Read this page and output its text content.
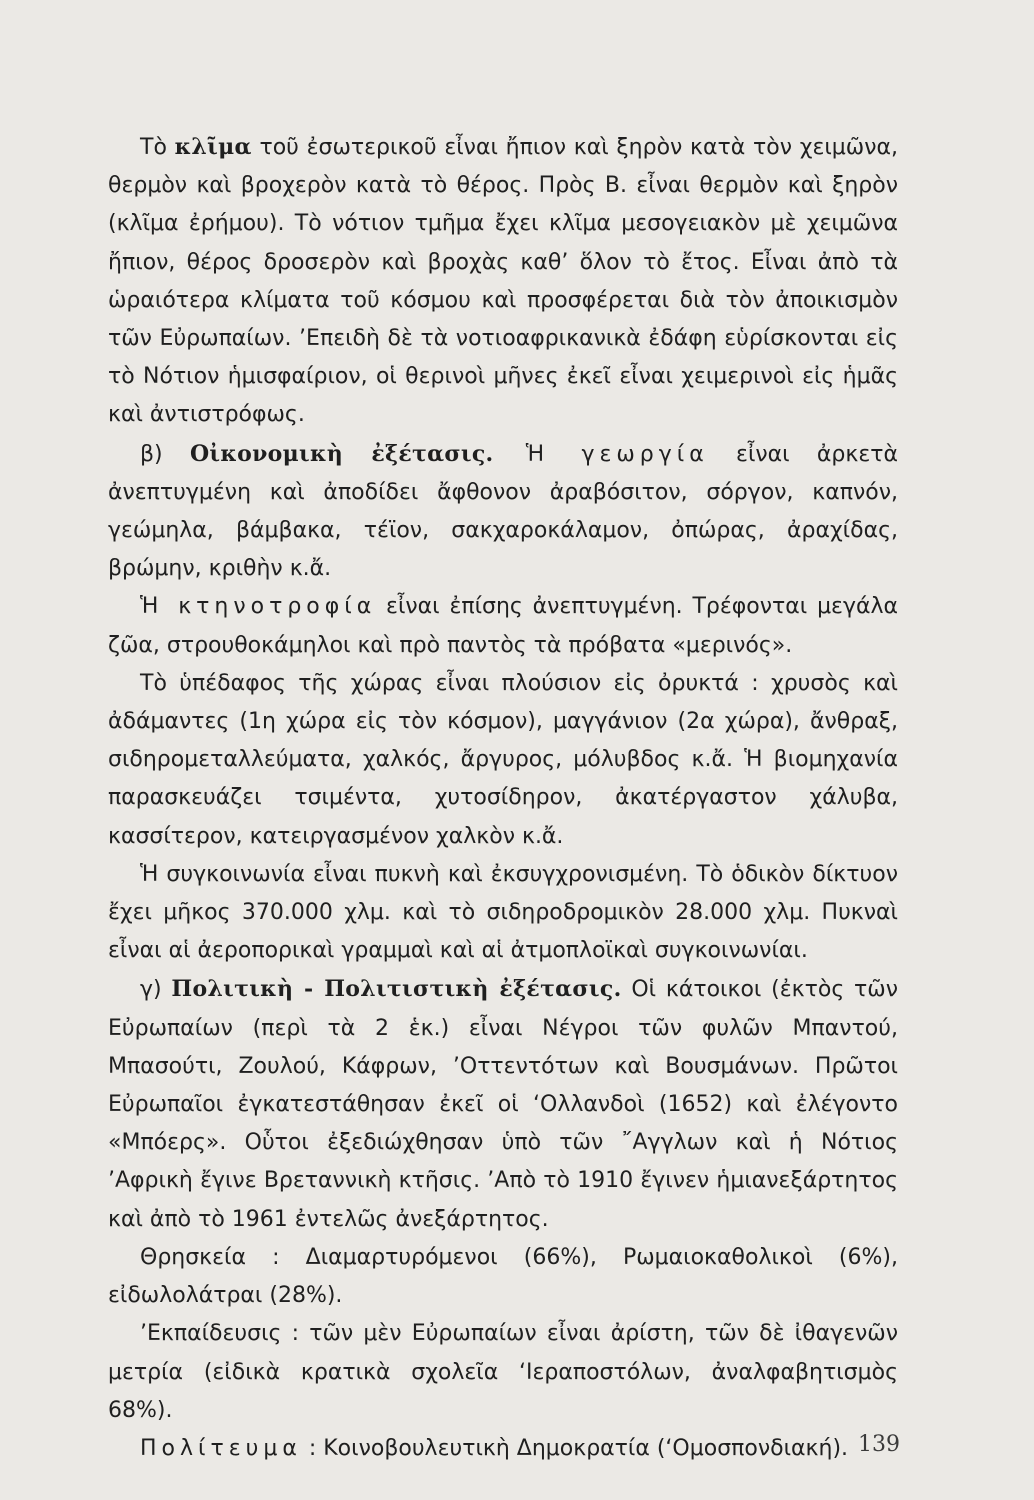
Τὸ κλῖμα τοῦ ἐσωτερικοῦ εἶναι ἤπιον καὶ ξηρὸν κατὰ τὸν χειμῶνα, θερμὸν καὶ βροχερὸν κατὰ τὸ θέρος. Πρὸς Β. εἶναι θερμὸν καὶ ξηρὸν (κλῖμα ἐρήμου). Τὸ νότιον τμῆμα ἔχει κλῖμα μεσογειακὸν μὲ χειμῶνα ἤπιον, θέρος δροσερὸν καὶ βροχὰς καθ’ ὅλον τὸ ἔτος. Εἶναι ἀπὸ τὰ ὡραιότερα κλίματα τοῦ κόσμου καὶ προσφέρεται διὰ τὸν ἀποικισμὸν τῶν Εὐρωπαίων. ’Επειδὴ δὲ τὰ νοτιοαφρικανικὰ ἐδάφη εὑρίσκονται εἰς τὸ Νότιον ἡμισφαίριον, οἱ θερινοὶ μῆνες ἐκεῖ εἶναι χειμερινοὶ εἰς ἡμᾶς καὶ ἀντιστρόφως.

β) Οἰκονομικὴ ἐξέτασις. Ἡ γεωργία εἶναι ἀρκετὰ ἀνεπτυγμένη καὶ ἀποδίδει ἄφθονον ἀραβόσιτον, σόργον, καπνόν, γεώμηλα, βάμβακα, τέϊον, σακχαροκάλαμον, ὀπώρας, ἀραχίδας, βρώμην, κριθὴν κ.ἄ.

Ἡ κτηνοτροφία εἶναι ἐπίσης ἀνεπτυγμένη. Τρέφονται μεγάλα ζῶα, στρουθοκάμηλοι καὶ πρὸ παντὸς τὰ πρόβατα «μερινός».

Τὸ ὑπέδαφος τῆς χώρας εἶναι πλούσιον εἰς ὀρυκτά : χρυσὸς καὶ ἀδάμαντες (1η χώρα εἰς τὸν κόσμον), μαγγάνιον (2α χώρα), ἄνθραξ, σιδηρομεταλλεύματα, χαλκός, ἄργυρος, μόλυβδος κ.ἄ. Ἡ βιομηχανία παρασκευάζει τσιμέντα, χυτοσίδηρον, ἀκατέργαστον χάλυβα, κασσίτερον, κατειργασμένον χαλκὸν κ.ἄ.

Ἡ συγκοινωνία εἶναι πυκνὴ καὶ ἐκσυγχρονισμένη. Τὸ ὁδικὸν δίκτυον ἔχει μῆκος 370.000 χλμ. καὶ τὸ σιδηροδρομικὸν 28.000 χλμ. Πυκναὶ εἶναι αἱ ἀεροπορικαὶ γραμμαὶ καὶ αἱ ἀτμοπλοϊκαὶ συγκοινωνίαι.

γ) Πολιτικὴ - Πολιτιστικὴ ἐξέτασις. Οἱ κάτοικοι (ἐκτὸς τῶν Εὐρωπαίων (περὶ τὰ 2 ἑκ.) εἶναι Νέγροι τῶν φυλῶν Μπαντού, Μπασούτι, Ζουλού, Κάφρων, ’Οττεντότων καὶ Βουσμάνων. Πρῶτοι Εὐρωπαῖοι ἐγκατεστάθησαν ἐκεῖ οἱ ‘Ολλανδοὶ (1652) καὶ ἐλέγοντο «Μπόερς». Οὗτοι ἐξεδιώχθησαν ὑπὸ τῶν ῎Αγγλων καὶ ἡ Νότιος ’Αφρικὴ ἔγινε Βρεταννικὴ κτῆσις. ’Απὸ τὸ 1910 ἔγινεν ἡμιανεξάρτητος καὶ ἀπὸ τὸ 1961 ἐντελῶς ἀνεξάρτητος.

Θρησκεία : Διαμαρτυρόμενοι (66%), Ρωμαιοκαθολικοὶ (6%), εἰδωλολάτραι (28%).

’Εκπαίδευσις : τῶν μὲν Εὐρωπαίων εἶναι ἀρίστη, τῶν δὲ ἰθαγενῶν μετρία (εἰδικὰ κρατικὰ σχολεῖα ‘Ιεραποστόλων, ἀναλφαβητισμὸς 68%).

Πολίτευμα : Κοινοβουλευτικὴ Δημοκρατία (‘Ομοσπονδιακή). 139
